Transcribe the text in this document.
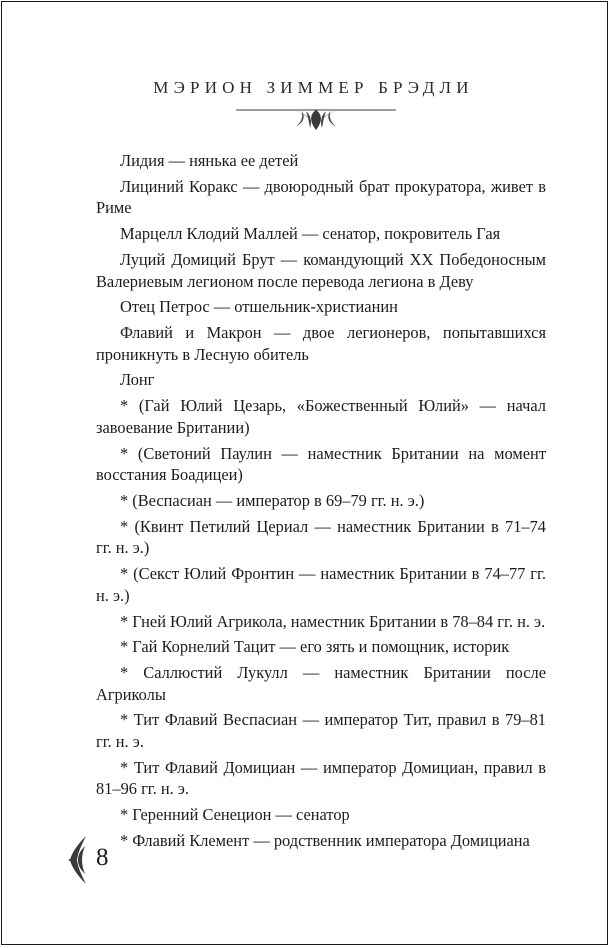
МЭРИОН ЗИММЕР БРЭДЛИ

Лидия — нянька ее детей

Лициний Коракс — двоюродный брат прокуратора, живет в Риме

Марцелл Клодий Маллей — сенатор, покровитель Гая

Луций Домиций Брут — командующий XX Победоносным Валериевым легионом после перевода легиона в Деву

Отец Петрос — отшельник-христианин

Флавий и Макрон — двое легионеров, попытавшихся проникнуть в Лесную обитель

Лонг

* (Гай Юлий Цезарь, «Божественный Юлий» — начал завоевание Британии)

* (Светоний Паулин — наместник Британии на момент восстания Боадицеи)

* (Веспасиан — император в 69–79 гг. н. э.)

* (Квинт Петилий Цериал — наместник Британии в 71–74 гг. н. э.)

* (Секст Юлий Фронтин — наместник Британии в 74–77 гг. н. э.)

* Гней Юлий Агрикола, наместник Британии в 78–84 гг. н. э.

* Гай Корнелий Тацит — его зять и помощник, историк

* Саллюстий Лукулл — наместник Британии после Агриколы

* Тит Флавий Веспасиан — император Тит, правил в 79–81 гг. н. э.

* Тит Флавий Домициан — император Домициан, правил в 81–96 гг. н. э.

* Геренний Сенецион — сенатор

* Флавий Клемент — родственник императора Домициана

8
